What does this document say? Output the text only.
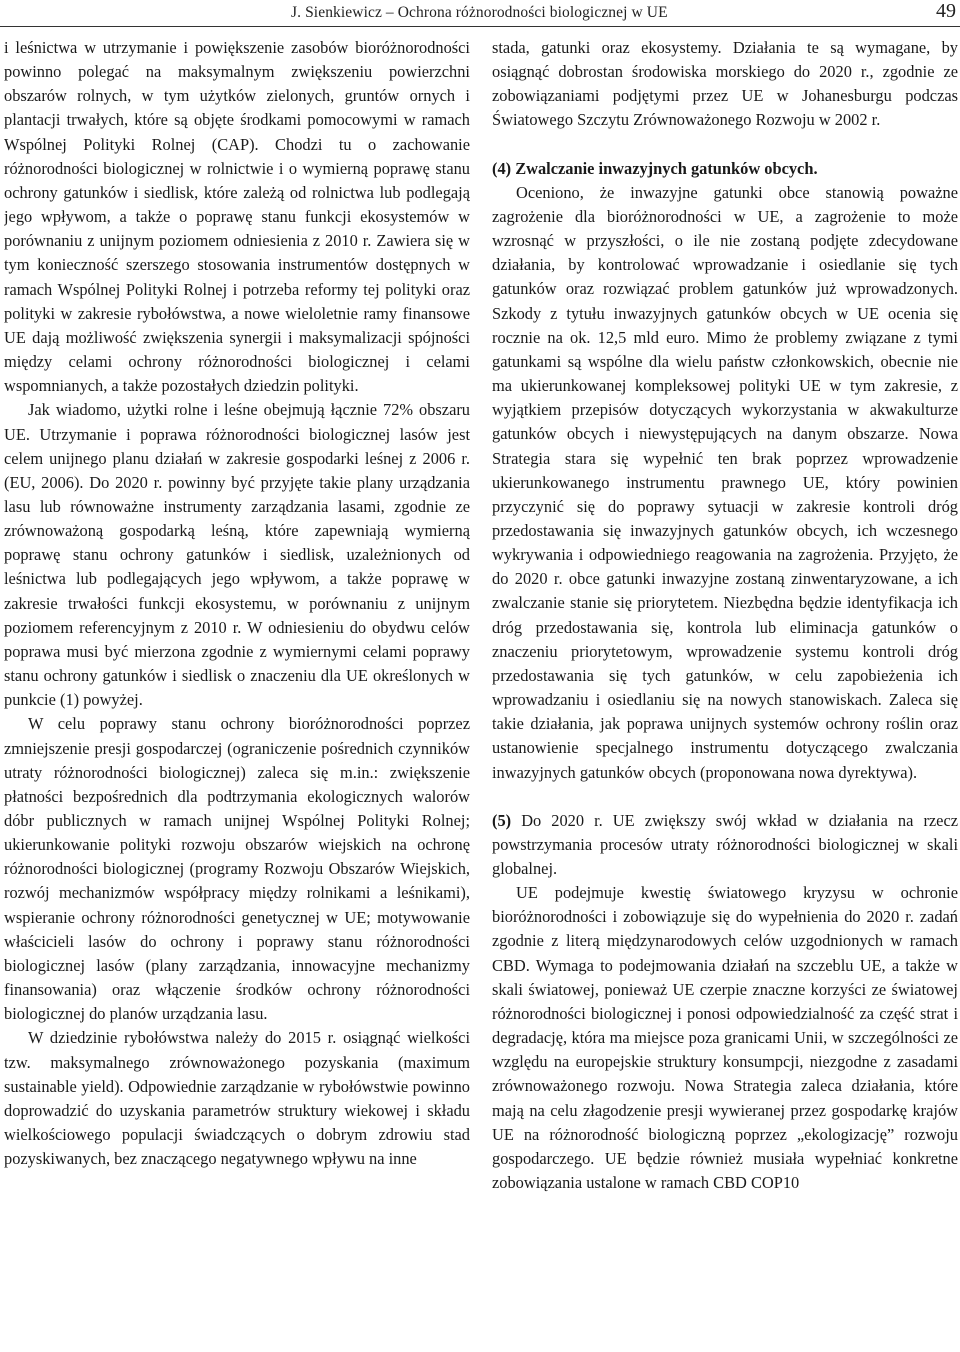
J. Sienkiewicz – Ochrona różnorodności biologicznej w UE	49

i leśnictwa w utrzymanie i powiększenie zasobów bioróżnorodności powinno polegać na maksymalnym zwiększeniu powierzchni obszarów rolnych, w tym użytków zielonych, gruntów ornych i plantacji trwałych, które są objęte środkami pomocowymi w ramach Wspólnej Polityki Rolnej (CAP). Chodzi tu o zachowanie różnorodności biologicznej w rolnictwie i o wymierną poprawę stanu ochrony gatunków i siedlisk, które zależą od rolnictwa lub podlegają jego wpływom, a także o poprawę stanu funkcji ekosystemów w porównaniu z unijnym poziomem odniesienia z 2010 r. Zawiera się w tym konieczność szerszego stosowania instrumentów dostępnych w ramach Wspólnej Polityki Rolnej i potrzeba reformy tej polityki oraz polityki w zakresie rybołówstwa, a nowe wieloletnie ramy finansowe UE dają możliwość zwiększenia synergii i maksymalizacji spójności między celami ochrony różnorodności biologicznej i celami wspomnianych, a także pozostałych dziedzin polityki.

Jak wiadomo, użytki rolne i leśne obejmują łącznie 72% obszaru UE. Utrzymanie i poprawa różnorodności biologicznej lasów jest celem unijnego planu działań w zakresie gospodarki leśnej z 2006 r. (EU, 2006). Do 2020 r. powinny być przyjęte takie plany urządzania lasu lub równoważne instrumenty zarządzania lasami, zgodnie ze zrównoważoną gospodarką leśną, które zapewniają wymierną poprawę stanu ochrony gatunków i siedlisk, uzależnionych od leśnictwa lub podlegających jego wpływom, a także poprawę w zakresie trwałości funkcji ekosystemu, w porównaniu z unijnym poziomem referencyjnym z 2010 r. W odniesieniu do obydwu celów poprawa musi być mierzona zgodnie z wymiernymi celami poprawy stanu ochrony gatunków i siedlisk o znaczeniu dla UE określonych w punkcie (1) powyżej.

W celu poprawy stanu ochrony bioróżnorodności poprzez zmniejszenie presji gospodarczej (ograniczenie pośrednich czynników utraty różnorodności biologicznej) zaleca się m.in.: zwiększenie płatności bezpośrednich dla podtrzymania ekologicznych walorów dóbr publicznych w ramach unijnej Wspólnej Polityki Rolnej; ukierunkowanie polityki rozwoju obszarów wiejskich na ochronę różnorodności biologicznej (programy Rozwoju Obszarów Wiejskich, rozwój mechanizmów współpracy między rolnikami a leśnikami), wspieranie ochrony różnorodności genetycznej w UE; motywowanie właścicieli lasów do ochrony i poprawy stanu różnorodności biologicznej lasów (plany zarządzania, innowacyjne mechanizmy finansowania) oraz włączenie środków ochrony różnorodności biologicznej do planów urządzania lasu.

W dziedzinie rybołówstwa należy do 2015 r. osiągnąć wielkości tzw. maksymalnego zrównoważonego pozyskania (maximum sustainable yield). Odpowiednie zarządzanie w rybołówstwie powinno doprowadzić do uzyskania parametrów struktury wiekowej i składu wielkościowego populacji świadczących o dobrym zdrowiu stad pozyskiwanych, bez znaczącego negatywnego wpływu na inne

stada, gatunki oraz ekosystemy. Działania te są wymagane, by osiągnąć dobrostan środowiska morskiego do 2020 r., zgodnie ze zobowiązaniami podjętymi przez UE w Johanesburgu podczas Światowego Szczytu Zrównoważonego Rozwoju w 2002 r.

(4) Zwalczanie inwazyjnych gatunków obcych.

Oceniono, że inwazyjne gatunki obce stanowią poważne zagrożenie dla bioróżnorodności w UE, a zagrożenie to może wzrosnąć w przyszłości, o ile nie zostaną podjęte zdecydowane działania, by kontrolować wprowadzanie i osiedlanie się tych gatunków oraz rozwiązać problem gatunków już wprowadzonych. Szkody z tytułu inwazyjnych gatunków obcych w UE ocenia się rocznie na ok. 12,5 mld euro. Mimo że problemy związane z tymi gatunkami są wspólne dla wielu państw członkowskich, obecnie nie ma ukierunkowanej kompleksowej polityki UE w tym zakresie, z wyjątkiem przepisów dotyczących wykorzystania w akwakulturze gatunków obcych i niewystępujących na danym obszarze. Nowa Strategia stara się wypełnić ten brak poprzez wprowadzenie ukierunkowanego instrumentu prawnego UE, który powinien przyczynić się do poprawy sytuacji w zakresie kontroli dróg przedostawania się inwazyjnych gatunków obcych, ich wczesnego wykrywania i odpowiedniego reagowania na zagrożenia. Przyjęto, że do 2020 r. obce gatunki inwazyjne zostaną zinwentaryzowane, a ich zwalczanie stanie się priorytetem. Niezbędna będzie identyfikacja ich dróg przedostawania się, kontrola lub eliminacja gatunków o znaczeniu priorytetowym, wprowadzenie systemu kontroli dróg przedostawania się tych gatunków, w celu zapobieżenia ich wprowadzaniu i osiedlaniu się na nowych stanowiskach. Zaleca się takie działania, jak poprawa unijnych systemów ochrony roślin oraz ustanowienie specjalnego instrumentu dotyczącego zwalczania inwazyjnych gatunków obcych (proponowana nowa dyrektywa).

(5) Do 2020 r. UE zwiększy swój wkład w działania na rzecz powstrzymania procesów utraty różnorodności biologicznej w skali globalnej.

UE podejmuje kwestię światowego kryzysu w ochronie bioróżnorodności i zobowiązuje się do wypełnienia do 2020 r. zadań zgodnie z literą międzynarodowych celów uzgodnionych w ramach CBD. Wymaga to podejmowania działań na szczeblu UE, a także w skali światowej, ponieważ UE czerpie znaczne korzyści ze światowej różnorodności biologicznej i ponosi odpowiedzialność za część strat i degradację, która ma miejsce poza granicami Unii, w szczególności ze względu na europejskie struktury konsumpcji, niezgodne z zasadami zrównoważonego rozwoju. Nowa Strategia zaleca działania, które mają na celu złagodzenie presji wywieranej przez gospodarkę krajów UE na różnorodność biologiczną poprzez „ekologizację” rozwoju gospodarczego. UE będzie również musiała wypełniać konkretne zobowiązania ustalone w ramach CBD COP10
